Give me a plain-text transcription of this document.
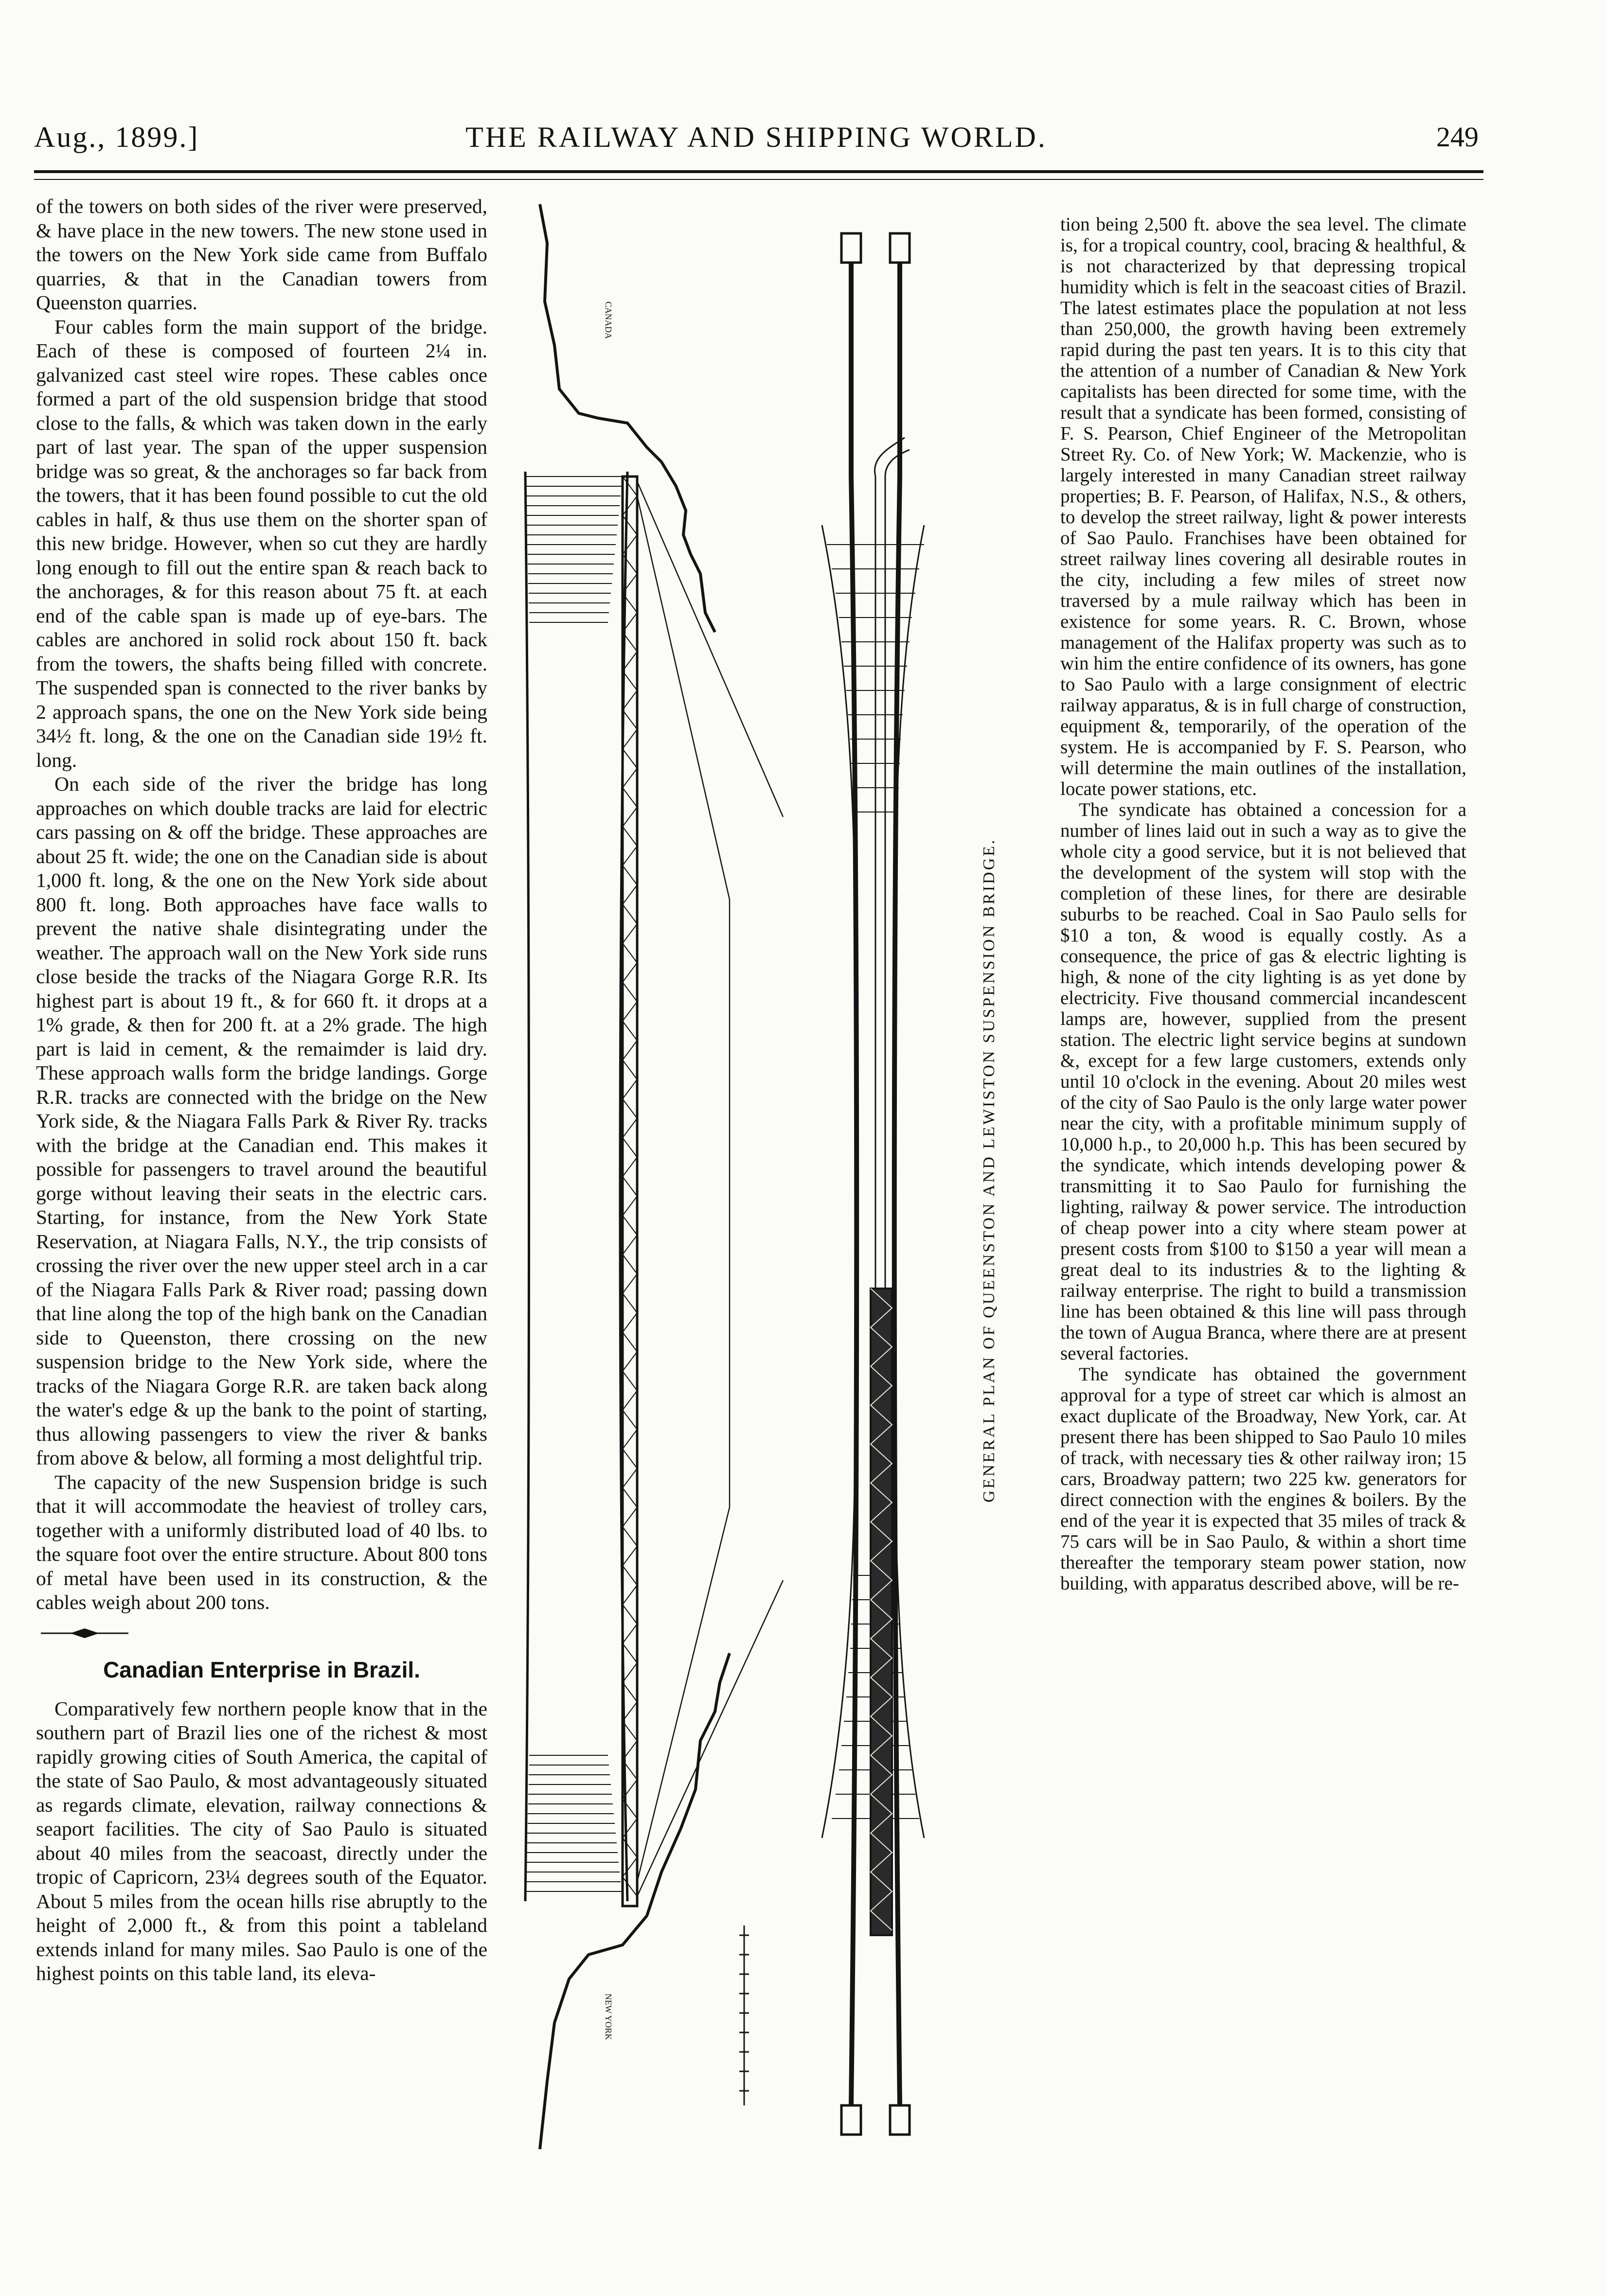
Aug., 1899.]	THE RAILWAY AND SHIPPING WORLD.	249

of the towers on both sides of the river were preserved, & have place in the new towers. The new stone used in the towers on the New York side came from Buffalo quarries, & that in the Canadian towers from Queenston quarries.

Four cables form the main support of the bridge. Each of these is composed of fourteen 2¼ in. galvanized cast steel wire ropes. These cables once formed a part of the old suspension bridge that stood close to the falls, & which was taken down in the early part of last year. The span of the upper suspension bridge was so great, & the anchorages so far back from the towers, that it has been found possible to cut the old cables in half, & thus use them on the shorter span of this new bridge. However, when so cut they are hardly long enough to fill out the entire span & reach back to the anchorages, & for this reason about 75 ft. at each end of the cable span is made up of eye-bars. The cables are anchored in solid rock about 150 ft. back from the towers, the shafts being filled with concrete. The suspended span is connected to the river banks by 2 approach spans, the one on the New York side being 34½ ft. long, & the one on the Canadian side 19½ ft. long.

On each side of the river the bridge has long approaches on which double tracks are laid for electric cars passing on & off the bridge. These approaches are about 25 ft. wide; the one on the Canadian side is about 1,000 ft. long, & the one on the New York side about 800 ft. long. Both approaches have face walls to prevent the native shale disintegrating under the weather. The approach wall on the New York side runs close beside the tracks of the Niagara Gorge R.R. Its highest part is about 19 ft., & for 660 ft. it drops at a 1% grade, & then for 200 ft. at a 2% grade. The high part is laid in cement, & the remaimder is laid dry. These approach walls form the bridge landings. Gorge R.R. tracks are connected with the bridge on the New York side, & the Niagara Falls Park & River Ry. tracks with the bridge at the Canadian end. This makes it possible for passengers to travel around the beautiful gorge without leaving their seats in the electric cars. Starting, for instance, from the New York State Reservation, at Niagara Falls, N.Y., the trip consists of crossing the river over the new upper steel arch in a car of the Niagara Falls Park & River road; passing down that line along the top of the high bank on the Canadian side to Queenston, there crossing on the new suspension bridge to the New York side, where the tracks of the Niagara Gorge R.R. are taken back along the water's edge & up the bank to the point of starting, thus allowing passengers to view the river & banks from above & below, all forming a most delightful trip.

The capacity of the new Suspension bridge is such that it will accommodate the heaviest of trolley cars, together with a uniformly distributed load of 40 lbs. to the square foot over the entire structure. About 800 tons of metal have been used in its construction, & the cables weigh about 200 tons.

Canadian Enterprise in Brazil.

Comparatively few northern people know that in the southern part of Brazil lies one of the richest & most rapidly growing cities of South America, the capital of the state of Sao Paulo, & most advantageously situated as regards climate, elevation, railway connections & seaport facilities. The city of Sao Paulo is situated about 40 miles from the seacoast, directly under the tropic of Capricorn, 23¼ degrees south of the Equator. About 5 miles from the ocean hills rise abruptly to the height of 2,000 ft., & from this point a tableland extends inland for many miles. Sao Paulo is one of the highest points on this table land, its eleva-

CANADA
NEW YORK
GENERAL PLAN OF QUEENSTON AND LEWISTON SUSPENSION BRIDGE.

tion being 2,500 ft. above the sea level. The climate is, for a tropical country, cool, bracing & healthful, & is not characterized by that depressing tropical humidity which is felt in the seacoast cities of Brazil. The latest estimates place the population at not less than 250,000, the growth having been extremely rapid during the past ten years. It is to this city that the attention of a number of Canadian & New York capitalists has been directed for some time, with the result that a syndicate has been formed, consisting of F. S. Pearson, Chief Engineer of the Metropolitan Street Ry. Co. of New York; W. Mackenzie, who is largely interested in many Canadian street railway properties; B. F. Pearson, of Halifax, N.S., & others, to develop the street railway, light & power interests of Sao Paulo. Franchises have been obtained for street railway lines covering all desirable routes in the city, including a few miles of street now traversed by a mule railway which has been in existence for some years. R. C. Brown, whose management of the Halifax property was such as to win him the entire confidence of its owners, has gone to Sao Paulo with a large consignment of electric railway apparatus, & is in full charge of construction, equipment &, temporarily, of the operation of the system. He is accompanied by F. S. Pearson, who will determine the main outlines of the installation, locate power stations, etc.

The syndicate has obtained a concession for a number of lines laid out in such a way as to give the whole city a good service, but it is not believed that the development of the system will stop with the completion of these lines, for there are desirable suburbs to be reached. Coal in Sao Paulo sells for $10 a ton, & wood is equally costly. As a consequence, the price of gas & electric lighting is high, & none of the city lighting is as yet done by electricity. Five thousand commercial incandescent lamps are, however, supplied from the present station. The electric light service begins at sundown &, except for a few large customers, extends only until 10 o'clock in the evening. About 20 miles west of the city of Sao Paulo is the only large water power near the city, with a profitable minimum supply of 10,000 h.p., to 20,000 h.p. This has been secured by the syndicate, which intends developing power & transmitting it to Sao Paulo for furnishing the lighting, railway & power service. The introduction of cheap power into a city where steam power at present costs from $100 to $150 a year will mean a great deal to its industries & to the lighting & railway enterprise. The right to build a transmission line has been obtained & this line will pass through the town of Augua Branca, where there are at present several factories.

The syndicate has obtained the government approval for a type of street car which is almost an exact duplicate of the Broadway, New York, car. At present there has been shipped to Sao Paulo 10 miles of track, with necessary ties & other railway iron; 15 cars, Broadway pattern; two 225 kw. generators for direct connection with the engines & boilers. By the end of the year it is expected that 35 miles of track & 75 cars will be in Sao Paulo, & within a short time thereafter the temporary steam power station, now building, with apparatus described above, will be re-
